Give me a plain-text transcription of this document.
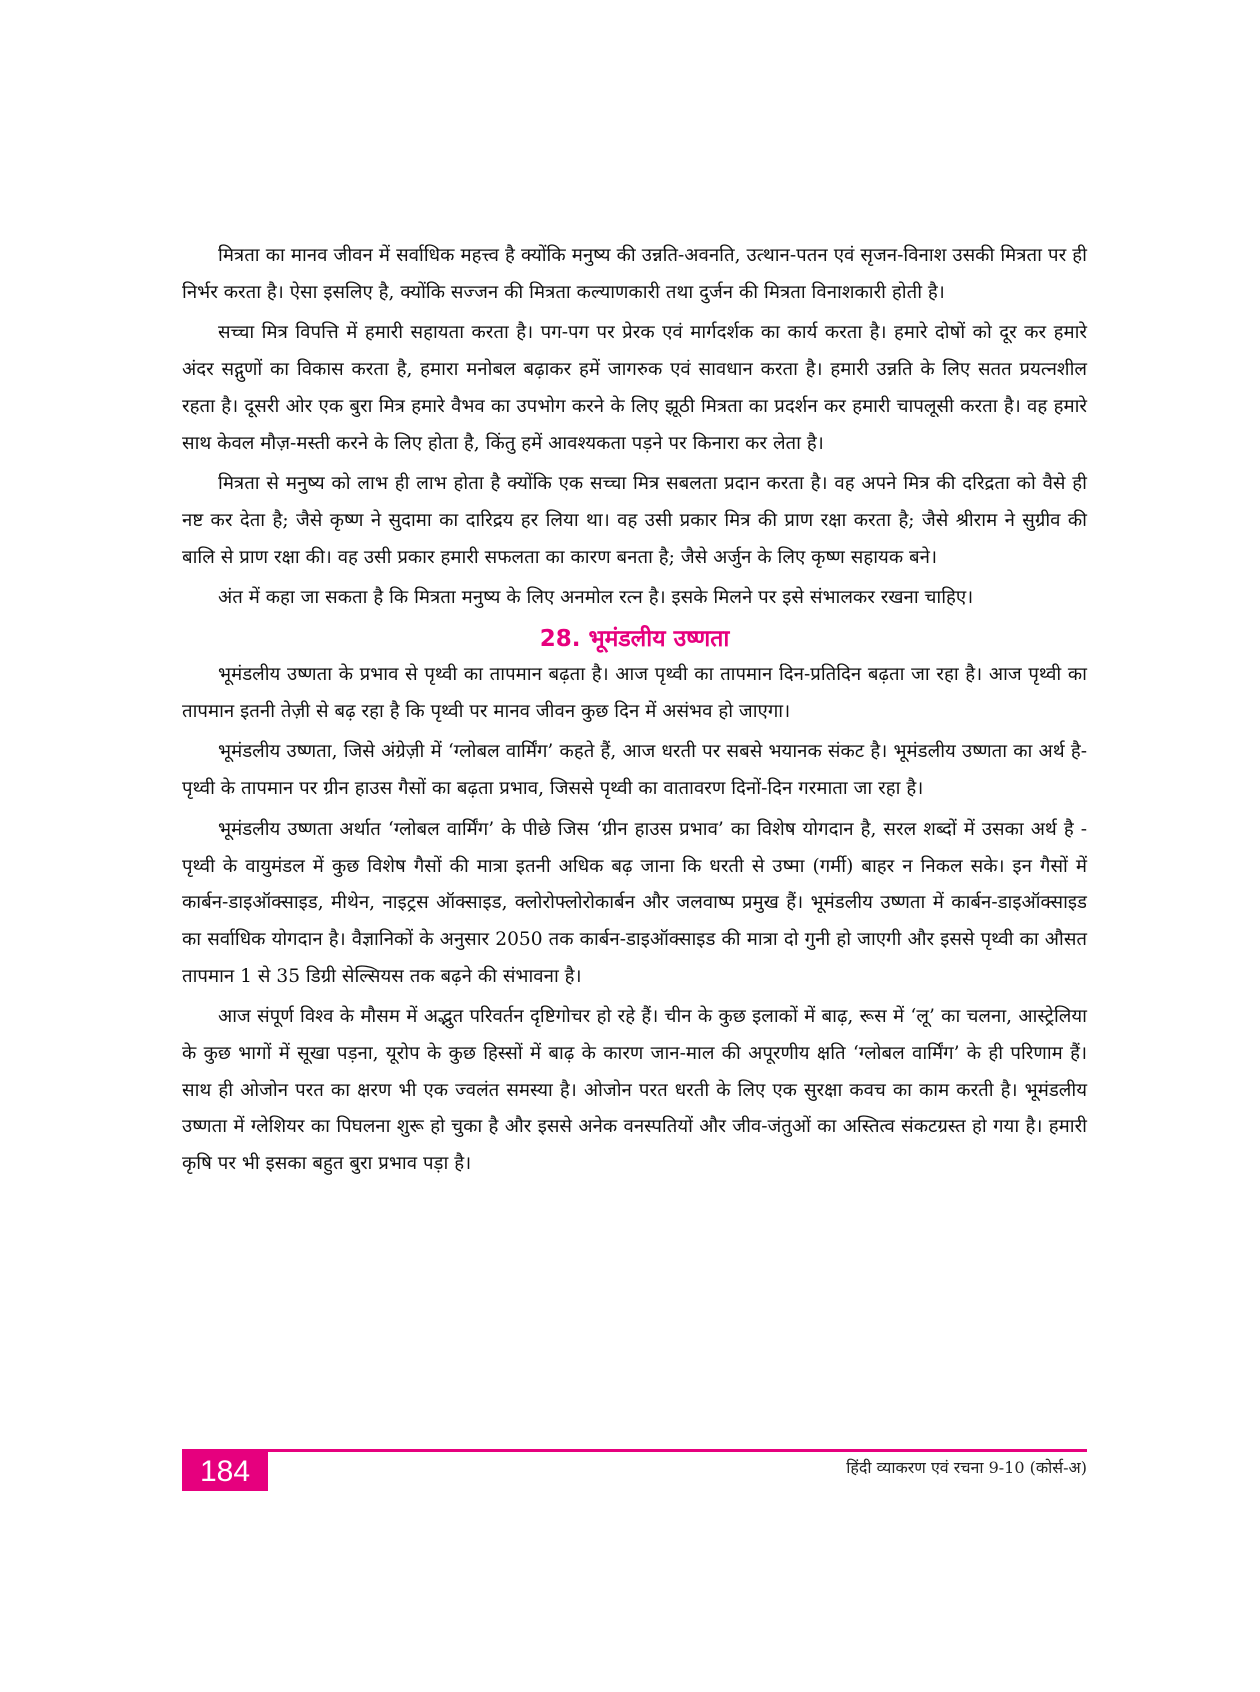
मित्रता का मानव जीवन में सर्वाधिक महत्त्व है क्योंकि मनुष्य की उन्नति-अवनति, उत्थान-पतन एवं सृजन-विनाश उसकी मित्रता पर ही निर्भर करता है। ऐसा इसलिए है, क्योंकि सज्जन की मित्रता कल्याणकारी तथा दुर्जन की मित्रता विनाशकारी होती है।

सच्चा मित्र विपत्ति में हमारी सहायता करता है। पग-पग पर प्रेरक एवं मार्गदर्शक का कार्य करता है। हमारे दोषों को दूर कर हमारे अंदर सद्गुणों का विकास करता है, हमारा मनोबल बढ़ाकर हमें जागरुक एवं सावधान करता है। हमारी उन्नति के लिए सतत प्रयत्नशील रहता है। दूसरी ओर एक बुरा मित्र हमारे वैभव का उपभोग करने के लिए झूठी मित्रता का प्रदर्शन कर हमारी चापलूसी करता है। वह हमारे साथ केवल मौज़-मस्ती करने के लिए होता है, किंतु हमें आवश्यकता पड़ने पर किनारा कर लेता है।

मित्रता से मनुष्य को लाभ ही लाभ होता है क्योंकि एक सच्चा मित्र सबलता प्रदान करता है। वह अपने मित्र की दरिद्रता को वैसे ही नष्ट कर देता है; जैसे कृष्ण ने सुदामा का दारिद्रय हर लिया था। वह उसी प्रकार मित्र की प्राण रक्षा करता है; जैसे श्रीराम ने सुग्रीव की बालि से प्राण रक्षा की। वह उसी प्रकार हमारी सफलता का कारण बनता है; जैसे अर्जुन के लिए कृष्ण सहायक बने।

अंत में कहा जा सकता है कि मित्रता मनुष्य के लिए अनमोल रत्न है। इसके मिलने पर इसे संभालकर रखना चाहिए।

28. भूमंडलीय उष्णता

भूमंडलीय उष्णता के प्रभाव से पृथ्वी का तापमान बढ़ता है। आज पृथ्वी का तापमान दिन-प्रतिदिन बढ़ता जा रहा है। आज पृथ्वी का तापमान इतनी तेज़ी से बढ़ रहा है कि पृथ्वी पर मानव जीवन कुछ दिन में असंभव हो जाएगा।

भूमंडलीय उष्णता, जिसे अंग्रेज़ी में ‘ग्लोबल वार्मिंग’ कहते हैं, आज धरती पर सबसे भयानक संकट है। भूमंडलीय उष्णता का अर्थ है- पृथ्वी के तापमान पर ग्रीन हाउस गैसों का बढ़ता प्रभाव, जिससे पृथ्वी का वातावरण दिनों-दिन गरमाता जा रहा है।

भूमंडलीय उष्णता अर्थात ‘ग्लोबल वार्मिंग’ के पीछे जिस ‘ग्रीन हाउस प्रभाव’ का विशेष योगदान है, सरल शब्दों में उसका अर्थ है - पृथ्वी के वायुमंडल में कुछ विशेष गैसों की मात्रा इतनी अधिक बढ़ जाना कि धरती से उष्मा (गर्मी) बाहर न निकल सके। इन गैसों में कार्बन-डाइऑक्साइड, मीथेन, नाइट्रस ऑक्साइड, क्लोरोफ्लोरोकार्बन और जलवाष्प प्रमुख हैं। भूमंडलीय उष्णता में कार्बन-डाइऑक्साइड का सर्वाधिक योगदान है। वैज्ञानिकों के अनुसार 2050 तक कार्बन-डाइऑक्साइड की मात्रा दो गुनी हो जाएगी और इससे पृथ्वी का औसत तापमान 1 से 35 डिग्री सेल्सियस तक बढ़ने की संभावना है।

आज संपूर्ण विश्व के मौसम में अद्भुत परिवर्तन दृष्टिगोचर हो रहे हैं। चीन के कुछ इलाकों में बाढ़, रूस में ‘लू’ का चलना, आस्ट्रेलिया के कुछ भागों में सूखा पड़ना, यूरोप के कुछ हिस्सों में बाढ़ के कारण जान-माल की अपूरणीय क्षति ‘ग्लोबल वार्मिंग’ के ही परिणाम हैं। साथ ही ओजोन परत का क्षरण भी एक ज्वलंत समस्या है। ओजोन परत धरती के लिए एक सुरक्षा कवच का काम करती है। भूमंडलीय उष्णता में ग्लेशियर का पिघलना शुरू हो चुका है और इससे अनेक वनस्पतियों और जीव-जंतुओं का अस्तित्व संकटग्रस्त हो गया है। हमारी कृषि पर भी इसका बहुत बुरा प्रभाव पड़ा है।

184	हिंदी व्याकरण एवं रचना 9-10 (कोर्स-अ)
